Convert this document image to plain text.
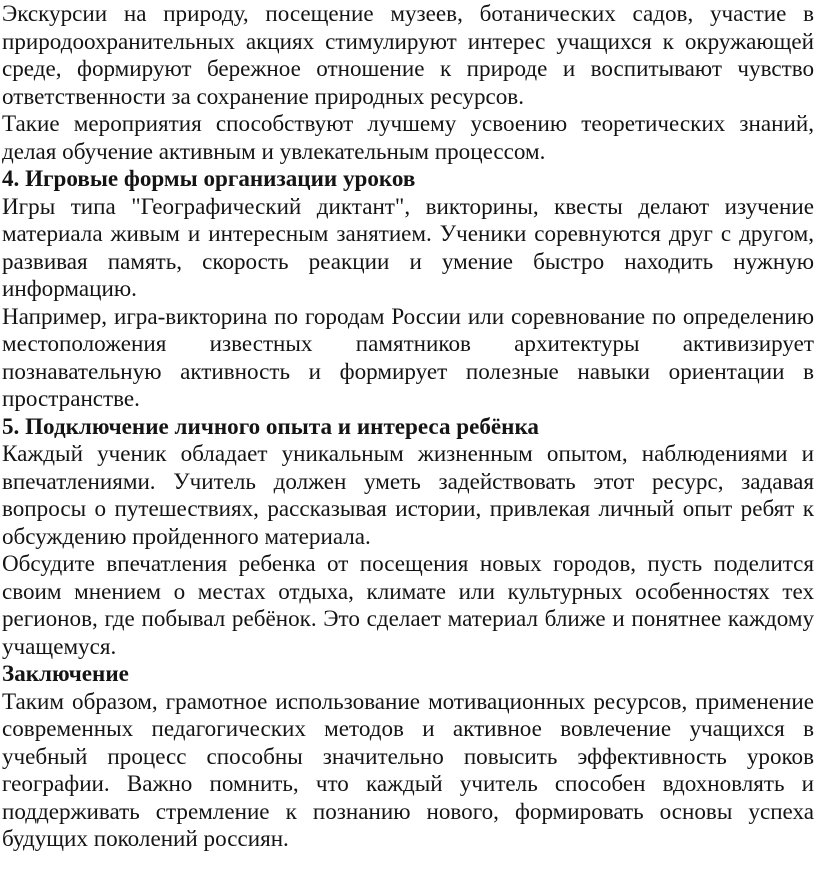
Экскурсии на природу, посещение музеев, ботанических садов, участие в природоохранительных акциях стимулируют интерес учащихся к окружающей среде, формируют бережное отношение к природе и воспитывают чувство ответственности за сохранение природных ресурсов.

Такие мероприятия способствуют лучшему усвоению теоретических знаний, делая обучение активным и увлекательным процессом.

4. Игровые формы организации уроков

Игры типа "Географический диктант", викторины, квесты делают изучение материала живым и интересным занятием. Ученики соревнуются друг с другом, развивая память, скорость реакции и умение быстро находить нужную информацию.

Например, игра-викторина по городам России или соревнование по определению местоположения известных памятников архитектуры активизирует познавательную активность и формирует полезные навыки ориентации в пространстве.

5. Подключение личного опыта и интереса ребёнка

Каждый ученик обладает уникальным жизненным опытом, наблюдениями и впечатлениями. Учитель должен уметь задействовать этот ресурс, задавая вопросы о путешествиях, рассказывая истории, привлекая личный опыт ребят к обсуждению пройденного материала.

Обсудите впечатления ребенка от посещения новых городов, пусть поделится своим мнением о местах отдыха, климате или культурных особенностях тех регионов, где побывал ребёнок. Это сделает материал ближе и понятнее каждому учащемуся.

Заключение

Таким образом, грамотное использование мотивационных ресурсов, применение современных педагогических методов и активное вовлечение учащихся в учебный процесс способны значительно повысить эффективность уроков географии. Важно помнить, что каждый учитель способен вдохновлять и поддерживать стремление к познанию нового, формировать основы успеха будущих поколений россиян.
